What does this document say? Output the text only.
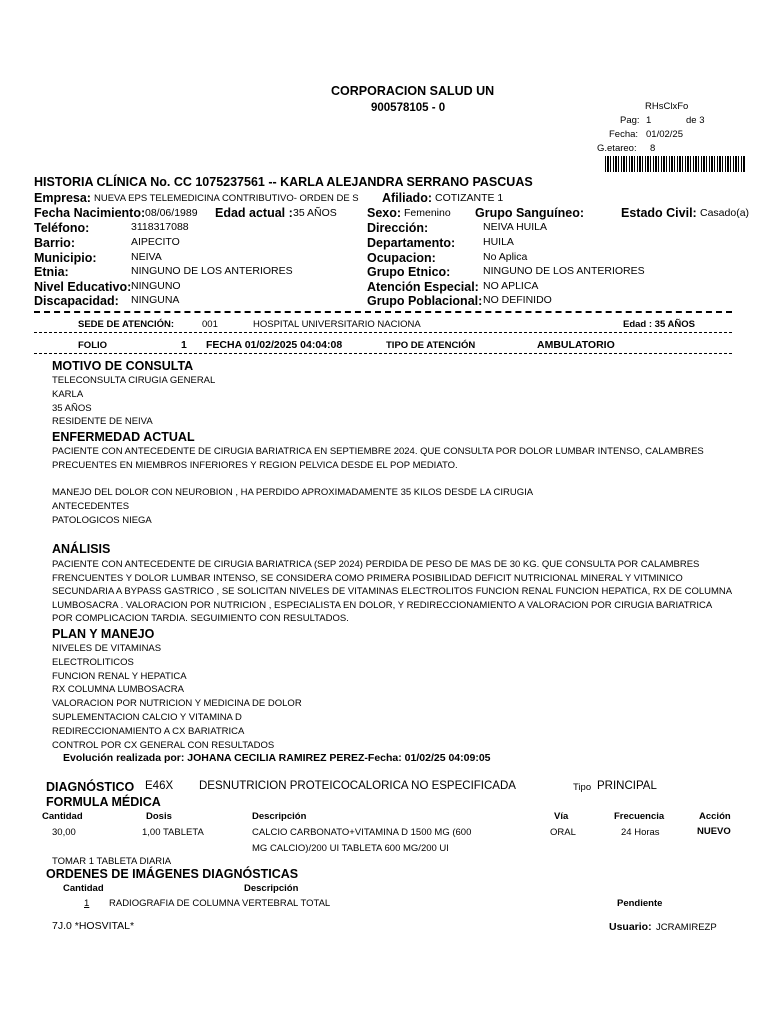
CORPORACION SALUD UN
900578105 - 0	RHsClxFo
Pag: 1	de 3
Fecha: 01/02/25
G.etareo: 8
HISTORIA CLÍNICA No. CC 1075237561 -- KARLA ALEJANDRA SERRANO PASCUAS
Empresa: NUEVA EPS TELEMEDICINA CONTRIBUTIVO- ORDEN DE S Afiliado: COTIZANTE 1
Fecha Nacimiento: 08/06/1989 Edad actual : 35 AÑOS Sexo: Femenino Grupo Sanguíneo:	Estado Civil: Casado(a)
Teléfono:	3118317088	Dirección:	NEIVA HUILA
Barrio:	AIPECITO	Departamento:	HUILA
Municipio:	NEIVA	Ocupacion:	No Aplica
Etnia:	NINGUNO DE LOS ANTERIORES	Grupo Etnico:	NINGUNO DE LOS ANTERIORES
Nivel Educativo: NINGUNO	Atención Especial: NO APLICA
Discapacidad: NINGUNA	Grupo Poblacional: NO DEFINIDO
SEDE DE ATENCIÓN:	001	HOSPITAL UNIVERSITARIO NACIONA	Edad : 35 AÑOS
FOLIO	1 FECHA 01/02/2025 04:04:08	TIPO DE ATENCIÓN	AMBULATORIO
MOTIVO DE CONSULTA
TELECONSULTA CIRUGIA GENERAL
KARLA
35 AÑOS
RESIDENTE DE NEIVA
ENFERMEDAD ACTUAL
PACIENTE CON ANTECEDENTE DE CIRUGIA BARIATRICA EN SEPTIEMBRE 2024. QUE CONSULTA POR DOLOR LUMBAR INTENSO, CALAMBRES PRECUENTES EN MIEMBROS INFERIORES Y REGION PELVICA DESDE EL POP MEDIATO.
MANEJO DEL DOLOR CON NEUROBION , HA PERDIDO APROXIMADAMENTE 35 KILOS DESDE LA CIRUGIA
ANTECEDENTES
PATOLOGICOS NIEGA
ANÁLISIS
PACIENTE CON ANTECEDENTE DE CIRUGIA BARIATRICA (SEP 2024) PERDIDA DE PESO DE MAS DE 30 KG. QUE CONSULTA POR CALAMBRES FRENCUENTES Y DOLOR LUMBAR INTENSO, SE CONSIDERA COMO PRIMERA POSIBILIDAD DEFICIT NUTRICIONAL MINERAL Y VITMINICO SECUNDARIA A BYPASS GASTRICO , SE SOLICITAN NIVELES DE VITAMINAS ELECTROLITOS FUNCION RENAL FUNCION HEPATICA, RX DE COLUMNA LUMBOSACRA . VALORACION POR NUTRICION , ESPECIALISTA EN DOLOR, Y REDIRECCIONAMIENTO A VALORACION POR CIRUGIA BARIATRICA POR COMPLICACION TARDIA. SEGUIMIENTO CON RESULTADOS.
PLAN Y MANEJO
NIVELES DE VITAMINAS
ELECTROLITICOS
FUNCION RENAL Y HEPATICA
RX COLUMNA LUMBOSACRA
VALORACION POR NUTRICION Y MEDICINA DE DOLOR
SUPLEMENTACION CALCIO Y VITAMINA D
REDIRECCIONAMIENTO A CX BARIATRICA
CONTROL POR CX GENERAL CON RESULTADOS
Evolución realizada por: JOHANA CECILIA RAMIREZ PEREZ-Fecha: 01/02/25 04:09:05
DIAGNÓSTICO E46X DESNUTRICION PROTEICOCALORICA NO ESPECIFICADA	Tipo PRINCIPAL
FORMULA MÉDICA
Cantidad	Dosis	Descripción	Vía	Frecuencia	Acción
30,00	1,00 TABLETA	CALCIO CARBONATO+VITAMINA D 1500 MG (600
MG CALCIO)/200 UI TABLETA 600 MG/200 UI
ORAL	24 Horas	NUEVO
TOMAR 1 TABLETA DIARIA
ORDENES DE IMÁGENES DIAGNÓSTICAS
Cantidad	Descripción
1 RADIOGRAFIA DE COLUMNA VERTEBRAL TOTAL	Pendiente
7J.0 *HOSVITAL*	Usuario: JCRAMIREZP
